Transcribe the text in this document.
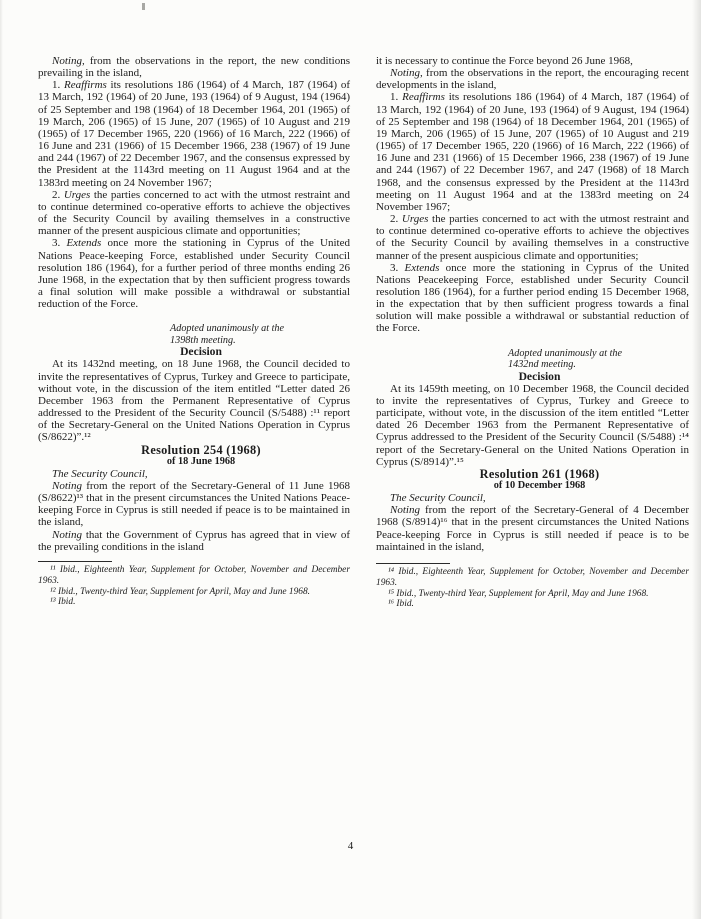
Noting, from the observations in the report, the new conditions prevailing in the island,

1. Reaffirms its resolutions 186 (1964) of 4 March, 187 (1964) of 13 March, 192 (1964) of 20 June, 193 (1964) of 9 August, 194 (1964) of 25 September and 198 (1964) of 18 December 1964, 201 (1965) of 19 March, 206 (1965) of 15 June, 207 (1965) of 10 August and 219 (1965) of 17 December 1965, 220 (1966) of 16 March, 222 (1966) of 16 June and 231 (1966) of 15 December 1966, 238 (1967) of 19 June and 244 (1967) of 22 December 1967, and the consensus expressed by the President at the 1143rd meeting on 11 August 1964 and at the 1383rd meeting on 24 November 1967;

2. Urges the parties concerned to act with the utmost restraint and to continue determined co-operative efforts to achieve the objectives of the Security Council by availing themselves in a constructive manner of the present auspicious climate and opportunities;

3. Extends once more the stationing in Cyprus of the United Nations Peace-keeping Force, established under Security Council resolution 186 (1964), for a further period of three months ending 26 June 1968, in the expectation that by then sufficient progress towards a final solution will make possible a withdrawal or substantial reduction of the Force.

Adopted unanimously at the
1398th meeting.

Decision

At its 1432nd meeting, on 18 June 1968, the Council decided to invite the representatives of Cyprus, Turkey and Greece to participate, without vote, in the discussion of the item entitled “Letter dated 26 December 1963 from the Permanent Representative of Cyprus addressed to the President of the Security Council (S/5488) :¹¹ report of the Secretary-General on the United Nations Operation in Cyprus (S/8622)”.¹²

Resolution 254 (1968)

of 18 June 1968

The Security Council,

Noting from the report of the Secretary-General of 11 June 1968 (S/8622)¹³ that in the present circumstances the United Nations Peace-keeping Force in Cyprus is still needed if peace is to be maintained in the island,

Noting that the Government of Cyprus has agreed that in view of the prevailing conditions in the island

¹¹ Ibid., Eighteenth Year, Supplement for October, November and December 1963.

¹² Ibid., Twenty-third Year, Supplement for April, May and June 1968.

¹³ Ibid.

it is necessary to continue the Force beyond 26 June 1968,

Noting, from the observations in the report, the encouraging recent developments in the island,

1. Reaffirms its resolutions 186 (1964) of 4 March, 187 (1964) of 13 March, 192 (1964) of 20 June, 193 (1964) of 9 August, 194 (1964) of 25 September and 198 (1964) of 18 December 1964, 201 (1965) of 19 March, 206 (1965) of 15 June, 207 (1965) of 10 August and 219 (1965) of 17 December 1965, 220 (1966) of 16 March, 222 (1966) of 16 June and 231 (1966) of 15 December 1966, 238 (1967) of 19 June and 244 (1967) of 22 December 1967, and 247 (1968) of 18 March 1968, and the consensus expressed by the President at the 1143rd meeting on 11 August 1964 and at the 1383rd meeting on 24 November 1967;

2. Urges the parties concerned to act with the utmost restraint and to continue determined co-operative efforts to achieve the objectives of the Security Council by availing themselves in a constructive manner of the present auspicious climate and opportunities;

3. Extends once more the stationing in Cyprus of the United Nations Peacekeeping Force, established under Security Council resolution 186 (1964), for a further period ending 15 December 1968, in the expectation that by then sufficient progress towards a final solution will make possible a withdrawal or substantial reduction of the Force.

Adopted unanimously at the
1432nd meeting.

Decision

At its 1459th meeting, on 10 December 1968, the Council decided to invite the representatives of Cyprus, Turkey and Greece to participate, without vote, in the discussion of the item entitled “Letter dated 26 December 1963 from the Permanent Representative of Cyprus addressed to the President of the Security Council (S/5488) :¹⁴ report of the Secretary-General on the United Nations Operation in Cyprus (S/8914)”.¹⁵

Resolution 261 (1968)

of 10 December 1968

The Security Council,

Noting from the report of the Secretary-General of 4 December 1968 (S/8914)¹⁶ that in the present circumstances the United Nations Peace-keeping Force in Cyprus is still needed if peace is to be maintained in the island,

¹⁴ Ibid., Eighteenth Year, Supplement for October, November and December 1963.

¹⁵ Ibid., Twenty-third Year, Supplement for April, May and June 1968.

¹⁶ Ibid.

4
